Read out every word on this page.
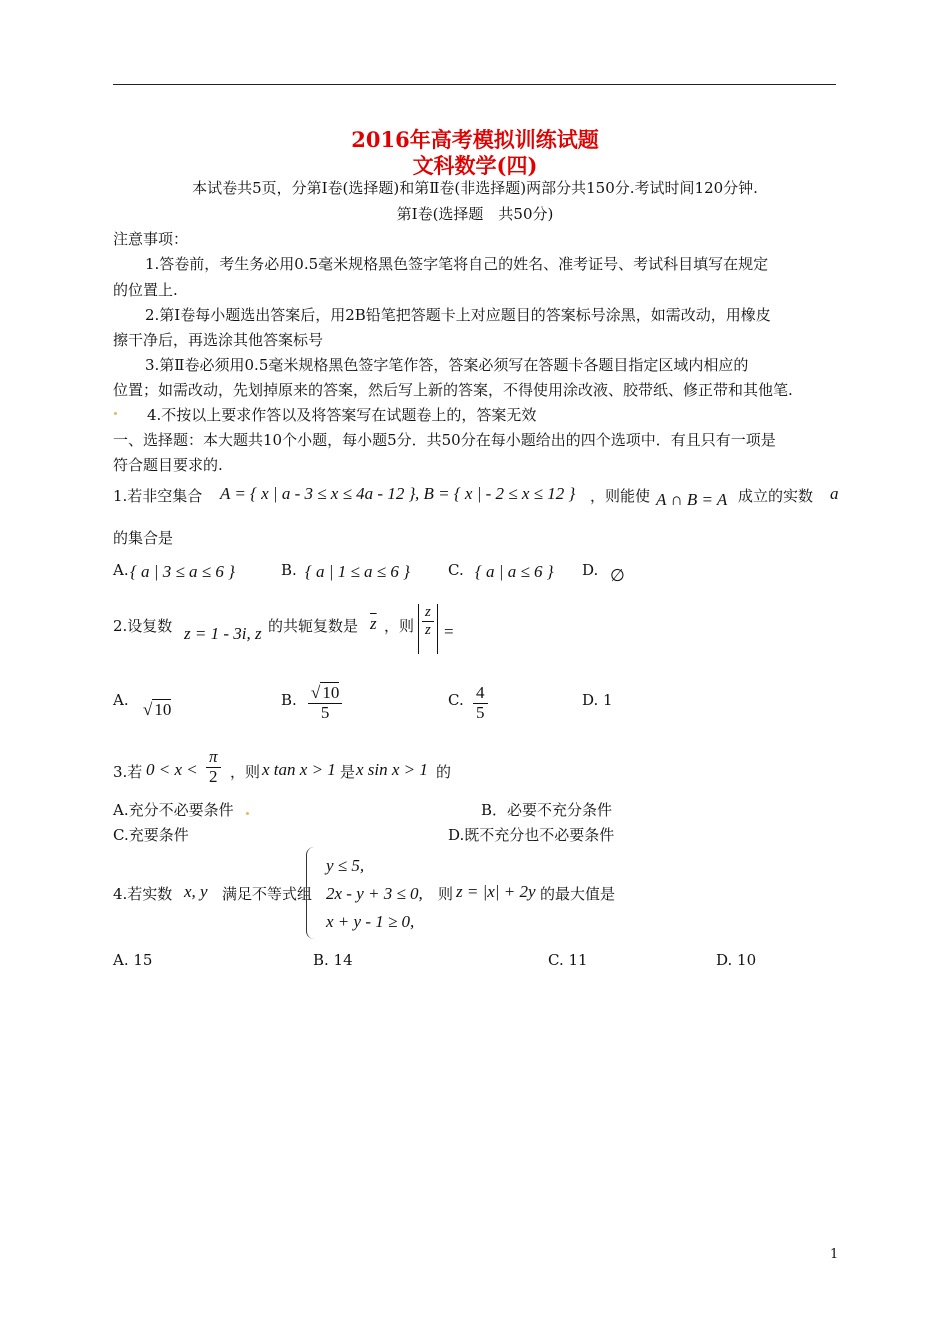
2016年高考模拟训练试题
文科数学(四)
本试卷共5页，分第Ⅰ卷(选择题)和第Ⅱ卷(非选择题)两部分共150分.考试时间120分钟.
第Ⅰ卷(选择题　共50分)
注意事项：
1.答卷前，考生务必用0.5毫米规格黑色签字笔将自己的姓名、准考证号、考试科目填写在规定
的位置上.
2.第Ⅰ卷每小题选出答案后，用2B铅笔把答题卡上对应题目的答案标号涂黑，如需改动，用橡皮
擦干净后，再选涂其他答案标号
3.第Ⅱ卷必须用0.5毫米规格黑色签字笔作答，答案必须写在答题卡各题目指定区域内相应的
位置；如需改动，先划掉原来的答案，然后写上新的答案，不得使用涂改液、胶带纸、修正带和其他笔.
4.不按以上要求作答以及将答案写在试题卷上的，答案无效
一、选择题：本大题共10个小题，每小题5分．共50分在每小题给出的四个选项中．有且只有一项是
符合题目要求的.
1.若非空集合 A = { x | a - 3 ≤ x ≤ 4a - 12 } , B = { x | - 2 ≤ x ≤ 12 } ，则能使 A ∩ B = A 成立的实数 a
的集合是
A. { a | 3 ≤ a ≤ 6 }	B. { a | 1 ≤ a ≤ 6 }	C. { a | a ≤ 6 } D. ∅
2.设复数 z = 1 - 3i, z 的共轭复数是 $\overline{z}$ ，则 $\frac{z}{z}$ =
A. √ 10	B. $\frac{√ 10}{5}$	C. $\frac{4}{5}$	D. 1
3.若 $0 < x < \frac{\pi}{2}$ ，则 x tan x > 1 是 x sin x > 1 的
A.充分不必要条件	B．必要不充分条件
C.充要条件	D.既不充分也不必要条件
4.若实数 x, y 满足不等式组
y ≤ 5,
2x - y + 3 ≤ 0,
x + y - 1 ≥ 0,
则 z = |x| + 2y 的最大值是
A. 15	B. 14	C. 11	D. 10
1
